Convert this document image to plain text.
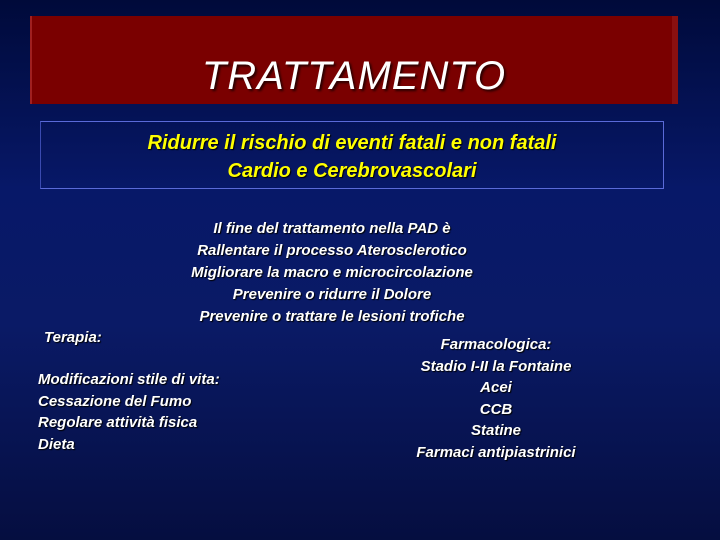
TRATTAMENTO
Ridurre il rischio di eventi fatali e non fatali
Cardio e Cerebrovascolari
Il fine del trattamento nella PAD è
Rallentare il processo Aterosclerotico
Migliorare la macro e microcircolazione
Prevenire o ridurre il Dolore
Prevenire o trattare le lesioni trofiche
Terapia:
Modificazioni stile di vita:
Cessazione del Fumo
Regolare attività fisica
Dieta
Farmacologica:
Stadio I-II la Fontaine
Acei
CCB
Statine
Farmaci antipiastrinici
